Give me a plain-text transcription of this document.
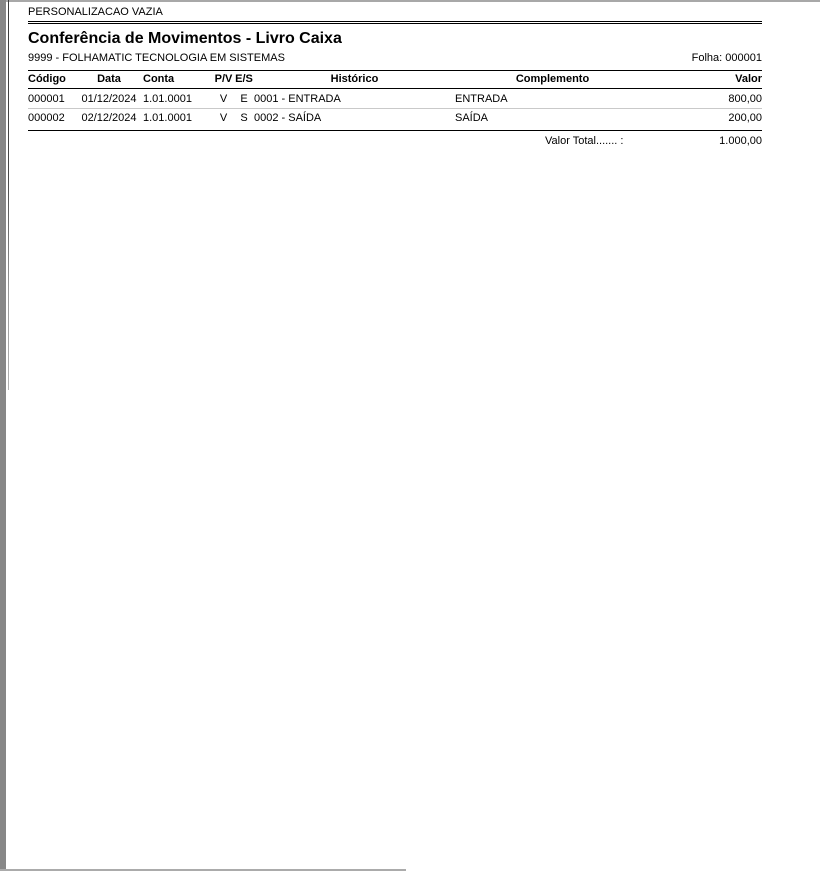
PERSONALIZACAO VAZIA
Conferência de Movimentos - Livro Caixa
9999 - FOLHAMATIC TECNOLOGIA EM SISTEMAS	Folha: 000001
Código	Data	Conta	P/V E/S	Histórico	Complemento	Valor
000001	01/12/2024 1.01.0001	V	E 0001 - ENTRADA	ENTRADA	800,00
000002	02/12/2024 1.01.0001	V	S 0002 - SAÍDA	SAÍDA	200,00
Valor Total....... :	1.000,00
